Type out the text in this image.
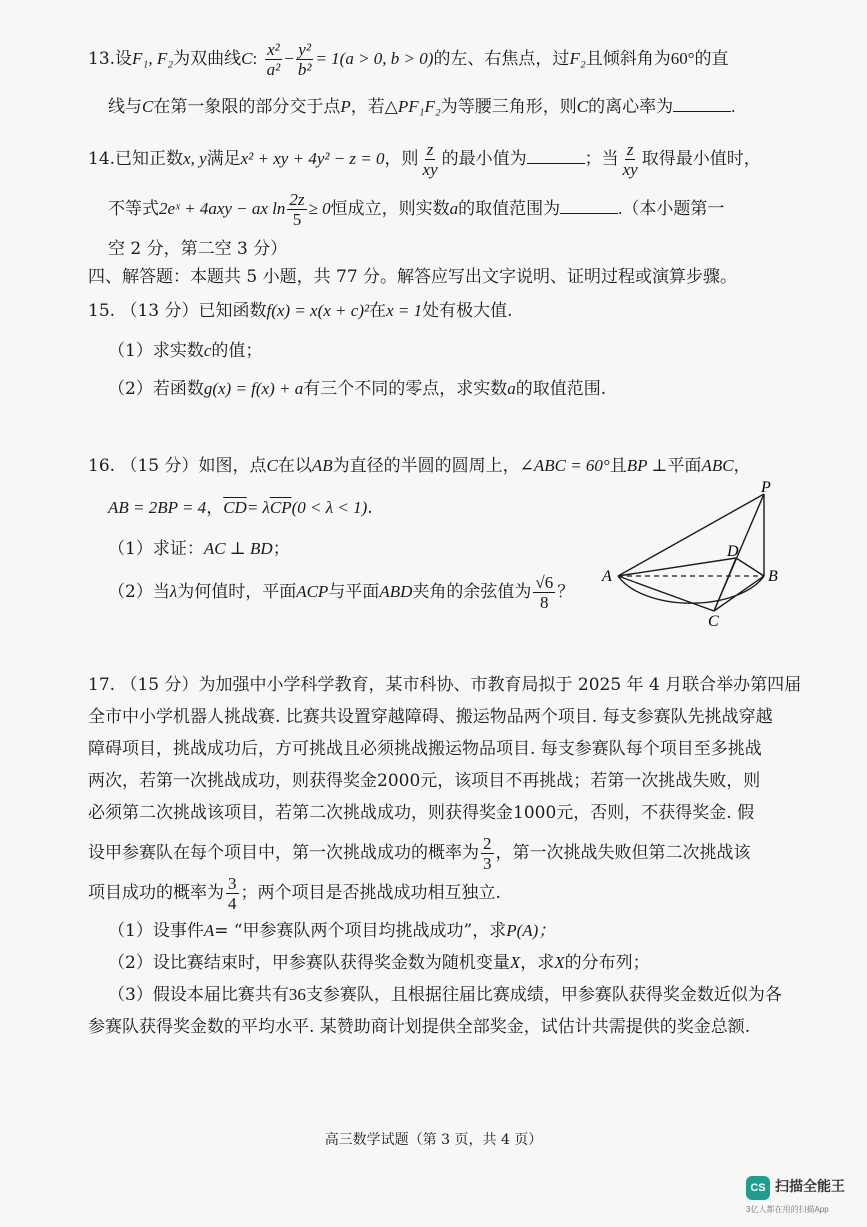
13.设F₁, F₂为双曲线C: $\frac{\text{x²}}{\text{a²}} - \frac{\text{y²}}{\text{b²}} = 1(a > 0$, b > 0)的左、右焦点，过F₂且倾斜角为60°的直
线与C在第一象限的部分交于点P，若△PF₁F₂为等腰三角形，则C的离心率为	.
14.已知正数x, y满足x² + xy + 4y² − z = 0，则 $\frac{z}{xy}$ 的最小值为	；当 $\frac{z}{xy}$ 取得最小值时，
不等式2eˣ + 4axy − ax $\ln \frac{2z}{5} \ge 0$恒成立，则实数a的取值范围为	.（本小题第一
空 2 分，第二空 3 分）
四、解答题：本题共 5 小题，共 77 分。解答应写出文字说明、证明过程或演算步骤。
15. （13 分）已知函数f(x) = x(x + c)²在x = 1处有极大值.
（1）求实数c的值；
（2）若函数g(x) = f(x) + a有三个不同的零点，求实数a的取值范围.
16. （15 分）如图，点C在以AB为直径的半圆的圆周上，∠ABC = 60°且BP ⊥平面ABC，
AB = 2BP = 4，$\overline{CD}= \lambda\overline{CP}(0 < \lambda < 1)$.
（1）求证：AC ⊥ BD；
（2）当λ为何值时，平面ACP与平面ABD夹角的余弦值为 $\frac{√6}{8}$ ？
P
D
A	B
C
17. （15 分）为加强中小学科学教育，某市科协、市教育局拟于 2025 年 4 月联合举办第四届
全市中小学机器人挑战赛. 比赛共设置穿越障碍、搬运物品两个项目. 每支参赛队先挑战穿越
障碍项目，挑战成功后，方可挑战且必须挑战搬运物品项目. 每支参赛队每个项目至多挑战
两次，若第一次挑战成功，则获得奖金2000元，该项目不再挑战；若第一次挑战失败，则
必须第二次挑战该项目，若第二次挑战成功，则获得奖金1000元，否则，不获得奖金. 假
设甲参赛队在每个项目中，第一次挑战成功的概率为 $\frac{2}{3}$ ，第一次挑战失败但第二次挑战该
项目成功的概率为 $\frac{3}{4}$ ；两个项目是否挑战成功相互独立.
（1）设事件A= “甲参赛队两个项目均挑战成功”，求P(A)；
（2）设比赛结束时，甲参赛队获得奖金数为随机变量X，求X的分布列；
（3）假设本届比赛共有36支参赛队，且根据往届比赛成绩，甲参赛队获得奖金数近似为各
参赛队获得奖金数的平均水平. 某赞助商计划提供全部奖金，试估计共需提供的奖金总额.
高三数学试题（第 3 页，共 4 页）
CS 扫描全能王
3亿人都在用的扫描App
